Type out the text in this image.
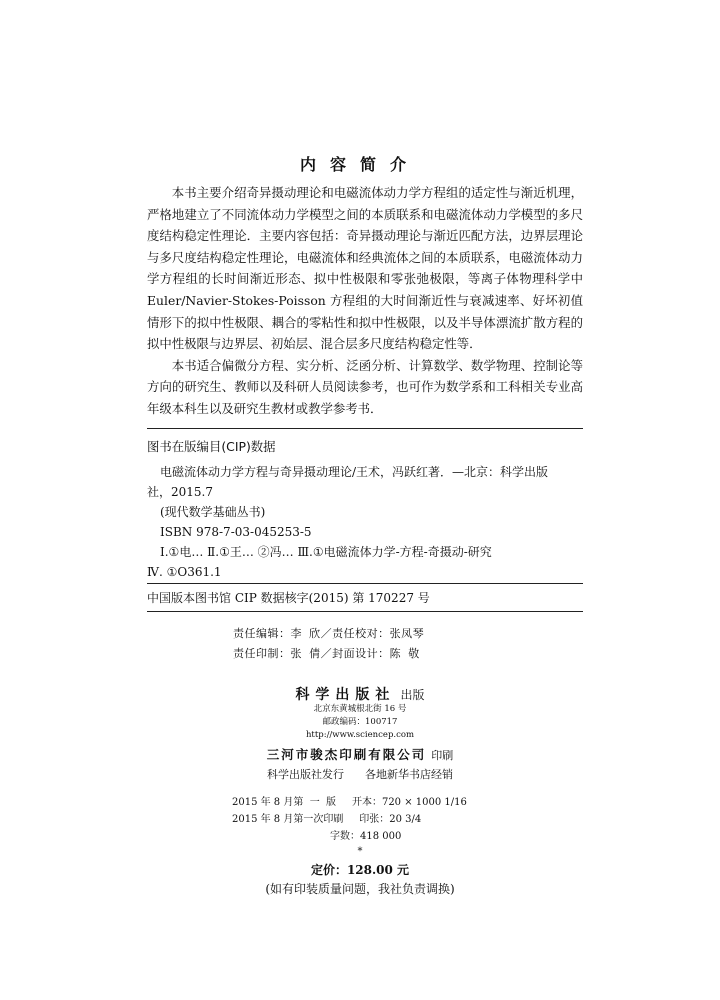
内容简介

本书主要介绍奇异摄动理论和电磁流体动力学方程组的适定性与渐近机理，严格地建立了不同流体动力学模型之间的本质联系和电磁流体动力学模型的多尺度结构稳定性理论．主要内容包括：奇异摄动理论与渐近匹配方法，边界层理论与多尺度结构稳定性理论，电磁流体和经典流体之间的本质联系，电磁流体动力学方程组的长时间渐近形态、拟中性极限和零张弛极限，等离子体物理科学中 Euler/Navier-Stokes-Poisson 方程组的大时间渐近性与衰减速率、好坏初值情形下的拟中性极限、耦合的零粘性和拟中性极限，以及半导体漂流扩散方程的拟中性极限与边界层、初始层、混合层多尺度结构稳定性等．

本书适合偏微分方程、实分析、泛函分析、计算数学、数学物理、控制论等方向的研究生、教师以及科研人员阅读参考，也可作为数学系和工科相关专业高年级本科生以及研究生教材或教学参考书．

图书在版编目(CIP)数据
电磁流体动力学方程与奇异摄动理论/王术，冯跃红著．—北京：科学出版
社，2015.7
(现代数学基础丛书)
ISBN 978-7-03-045253-5
Ⅰ.①电… Ⅱ.①王… ②冯… Ⅲ.①电磁流体力学-方程-奇摄动-研究
Ⅳ. ①O361.1
中国版本图书馆 CIP 数据核字(2015) 第 170227 号
责任编辑：李 欣／责任校对：张凤琴
责任印制：张 倩／封面设计：陈 敬
科学出版社 出版
北京东黄城根北街 16 号
邮政编码：100717
http://www.sciencep.com
三河市骏杰印刷有限公司 印刷
科学出版社发行      各地新华书店经销
2015 年 8 月第  一  版     开本：720 × 1000 1/16
2015 年 8 月第一次印刷     印张：20 3/4
字数：418 000
*
定价：128.00 元
(如有印装质量问题，我社负责调换)
